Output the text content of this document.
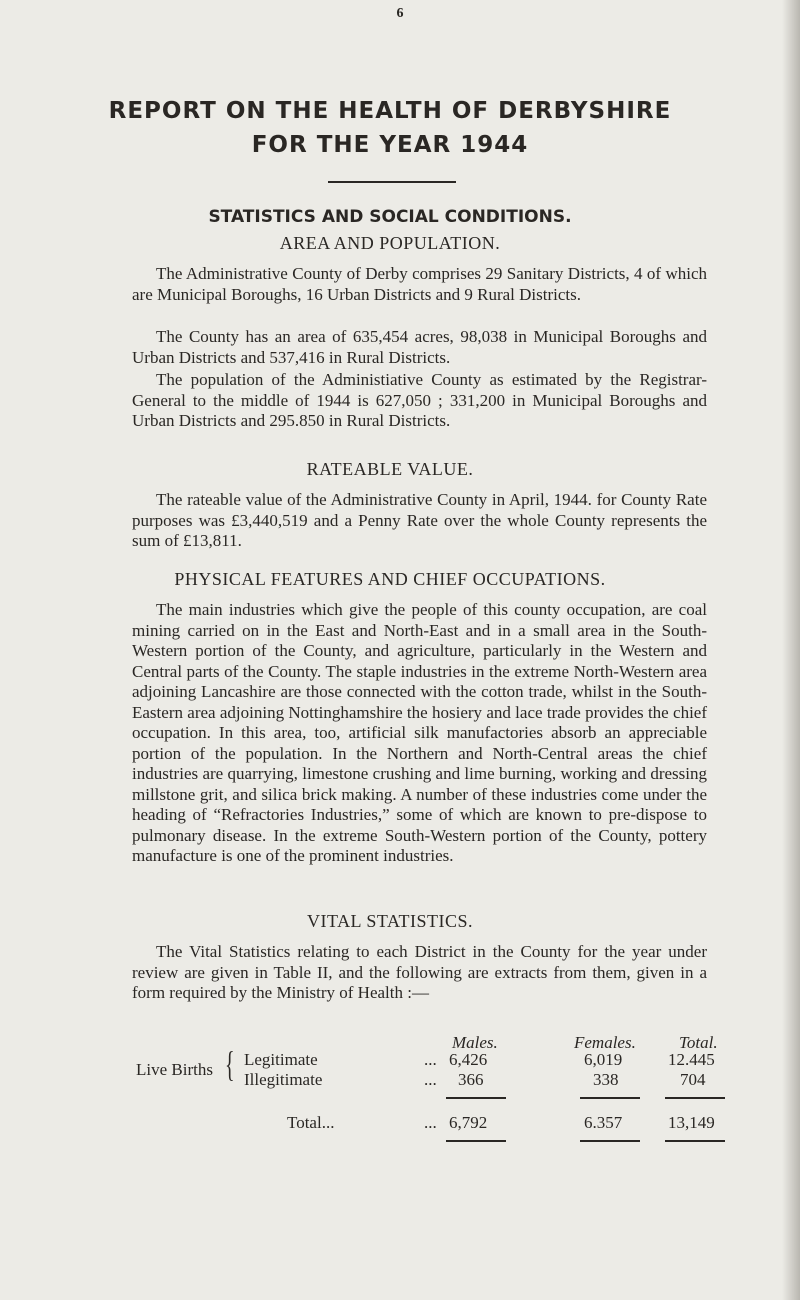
6
REPORT ON THE HEALTH OF DERBYSHIRE
FOR THE YEAR 1944
STATISTICS AND SOCIAL CONDITIONS.
AREA AND POPULATION.

The Administrative County of Derby comprises 29 Sanitary Districts, 4 of which are Municipal Boroughs, 16 Urban Districts and 9 Rural Districts.

The County has an area of 635,454 acres, 98,038 in Municipal Boroughs and Urban Districts and 537,416 in Rural Districts.

The population of the Administiative County as estimated by the Registrar-General to the middle of 1944 is 627,050 ; 331,200 in Municipal Boroughs and Urban Districts and 295.850 in Rural Districts.

RATEABLE VALUE.

The rateable value of the Administrative County in April, 1944. for County Rate purposes was £3,440,519 and a Penny Rate over the whole County represents the sum of £13,811.

PHYSICAL FEATURES AND CHIEF OCCUPATIONS.

The main industries which give the people of this county occupation, are coal mining carried on in the East and North-East and in a small area in the South-Western portion of the County, and agriculture, particularly in the Western and Central parts of the County. The staple industries in the extreme North-Western area adjoining Lancashire are those connected with the cotton trade, whilst in the South-Eastern area adjoining Nottinghamshire the hosiery and lace trade provides the chief occupation. In this area, too, artificial silk manufactories absorb an appreciable portion of the population. In the Northern and North-Central areas the chief industries are quarrying, limestone crushing and lime burning, working and dressing millstone grit, and silica brick making. A number of these industries come under the heading of “Refractories Industries,” some of which are known to pre-dispose to pulmonary disease. In the extreme South-Western portion of the County, pottery manufacture is one of the prominent industries.

VITAL STATISTICS.

The Vital Statistics relating to each District in the County for the year under review are given in Table II, and the following are extracts from them, given in a form required by the Ministry of Health :—

Males.	Females.	Total.
Live Births { Legitimate	... 6,426	6,019	12.445
Illegitimate	... 366	338	704
Total...	... 6,792	6.357	13,149
